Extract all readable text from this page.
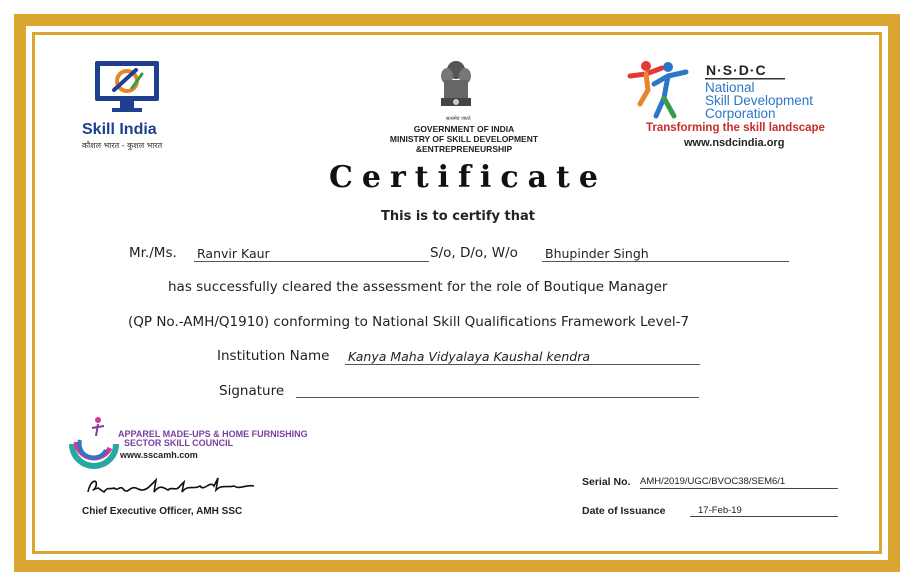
Skill India
कौशल भारत - कुशल भारत
सत्यमेव जयते
GOVERNMENT OF INDIA
MINISTRY OF SKILL DEVELOPMENT
&ENTREPRENEURSHIP
N·S·D·C
National
Skill Development
Corporation
Transforming the skill landscape
www.nsdcindia.org
Certificate
This is to certify that
Mr./Ms. Ranvir Kaur	S/o, D/o, W/o Bhupinder Singh
has successfully cleared the assessment for the role of Boutique Manager
(QP No.-AMH/Q1910) conforming to National Skill Qualifications Framework Level-7
Institution Name Kanya Maha Vidyalaya Kaushal kendra
Signature
APPAREL MADE-UPS & HOME FURNISHING
SECTOR SKILL COUNCIL
www.sscamh.com
Chief Executive Officer, AMH SSC
Serial No. AMH/2019/UGC/BVOC38/SEM6/1
Date of Issuance	17-Feb-19
